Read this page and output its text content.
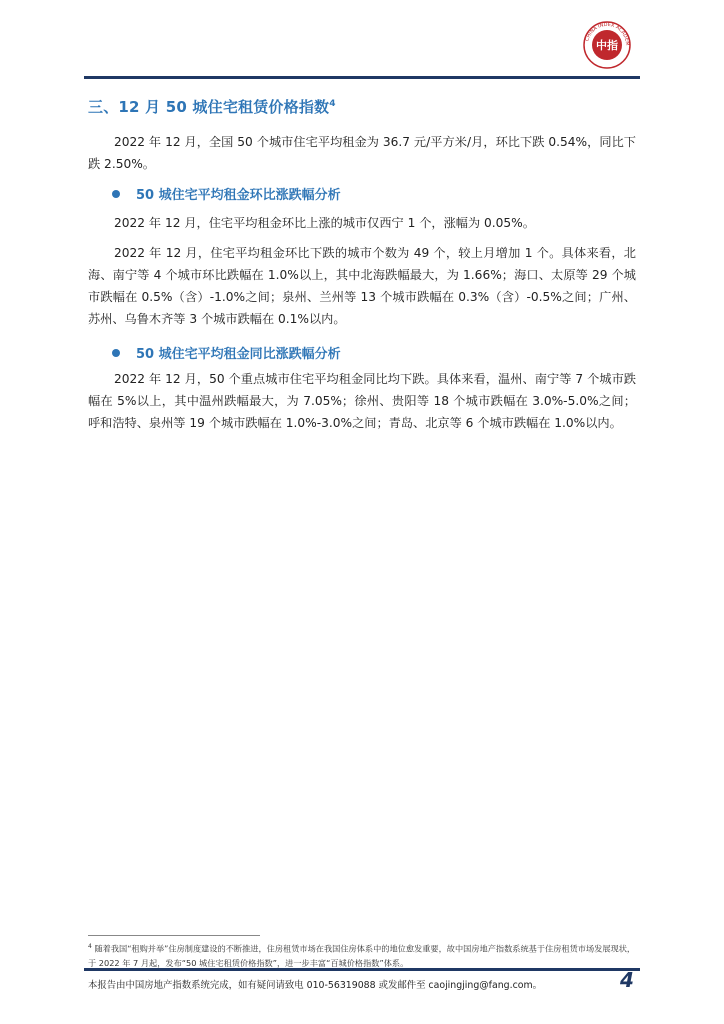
中指
CHINA INDEX ACADEM
三、12 月 50 城住宅租赁价格指数$^4$
2022 年 12 月，全国 50 个城市住宅平均租金为 36.7 元/平方米/月，环比下跌 0.54%，同比下跌 2.50%。
50 城住宅平均租金环比涨跌幅分析
2022 年 12 月，住宅平均租金环比上涨的城市仅西宁 1 个，涨幅为 0.05%。
2022 年 12 月，住宅平均租金环比下跌的城市个数为 49 个，较上月增加 1 个。具体来看，北海、南宁等 4 个城市环比跌幅在 1.0%以上，其中北海跌幅最大，为 1.66%；海口、太原等 29 个城市跌幅在 0.5%（含）-1.0%之间；泉州、兰州等 13 个城市跌幅在 0.3%（含）-0.5%之间；广州、苏州、乌鲁木齐等 3 个城市跌幅在 0.1%以内。
50 城住宅平均租金同比涨跌幅分析
2022 年 12 月，50 个重点城市住宅平均租金同比均下跌。具体来看，温州、南宁等 7 个城市跌幅在 5%以上，其中温州跌幅最大，为 7.05%；徐州、贵阳等 18 个城市跌幅在 3.0%-5.0%之间；呼和浩特、泉州等 19 个城市跌幅在 1.0%-3.0%之间；青岛、北京等 6 个城市跌幅在 1.0%以内。
$^4$ 随着我国“租购并举”住房制度建设的不断推进，住房租赁市场在我国住房体系中的地位愈发重要，故中国房地产指数系统基于住房租赁市场发展现状，于 2022 年 7 月起，发布“50 城住宅租赁价格指数”，进一步丰富“百城价格指数”体系。
本报告由中国房地产指数系统完成，如有疑问请致电 010-56319088 或发邮件至 caojingjing@fang.com。	4
